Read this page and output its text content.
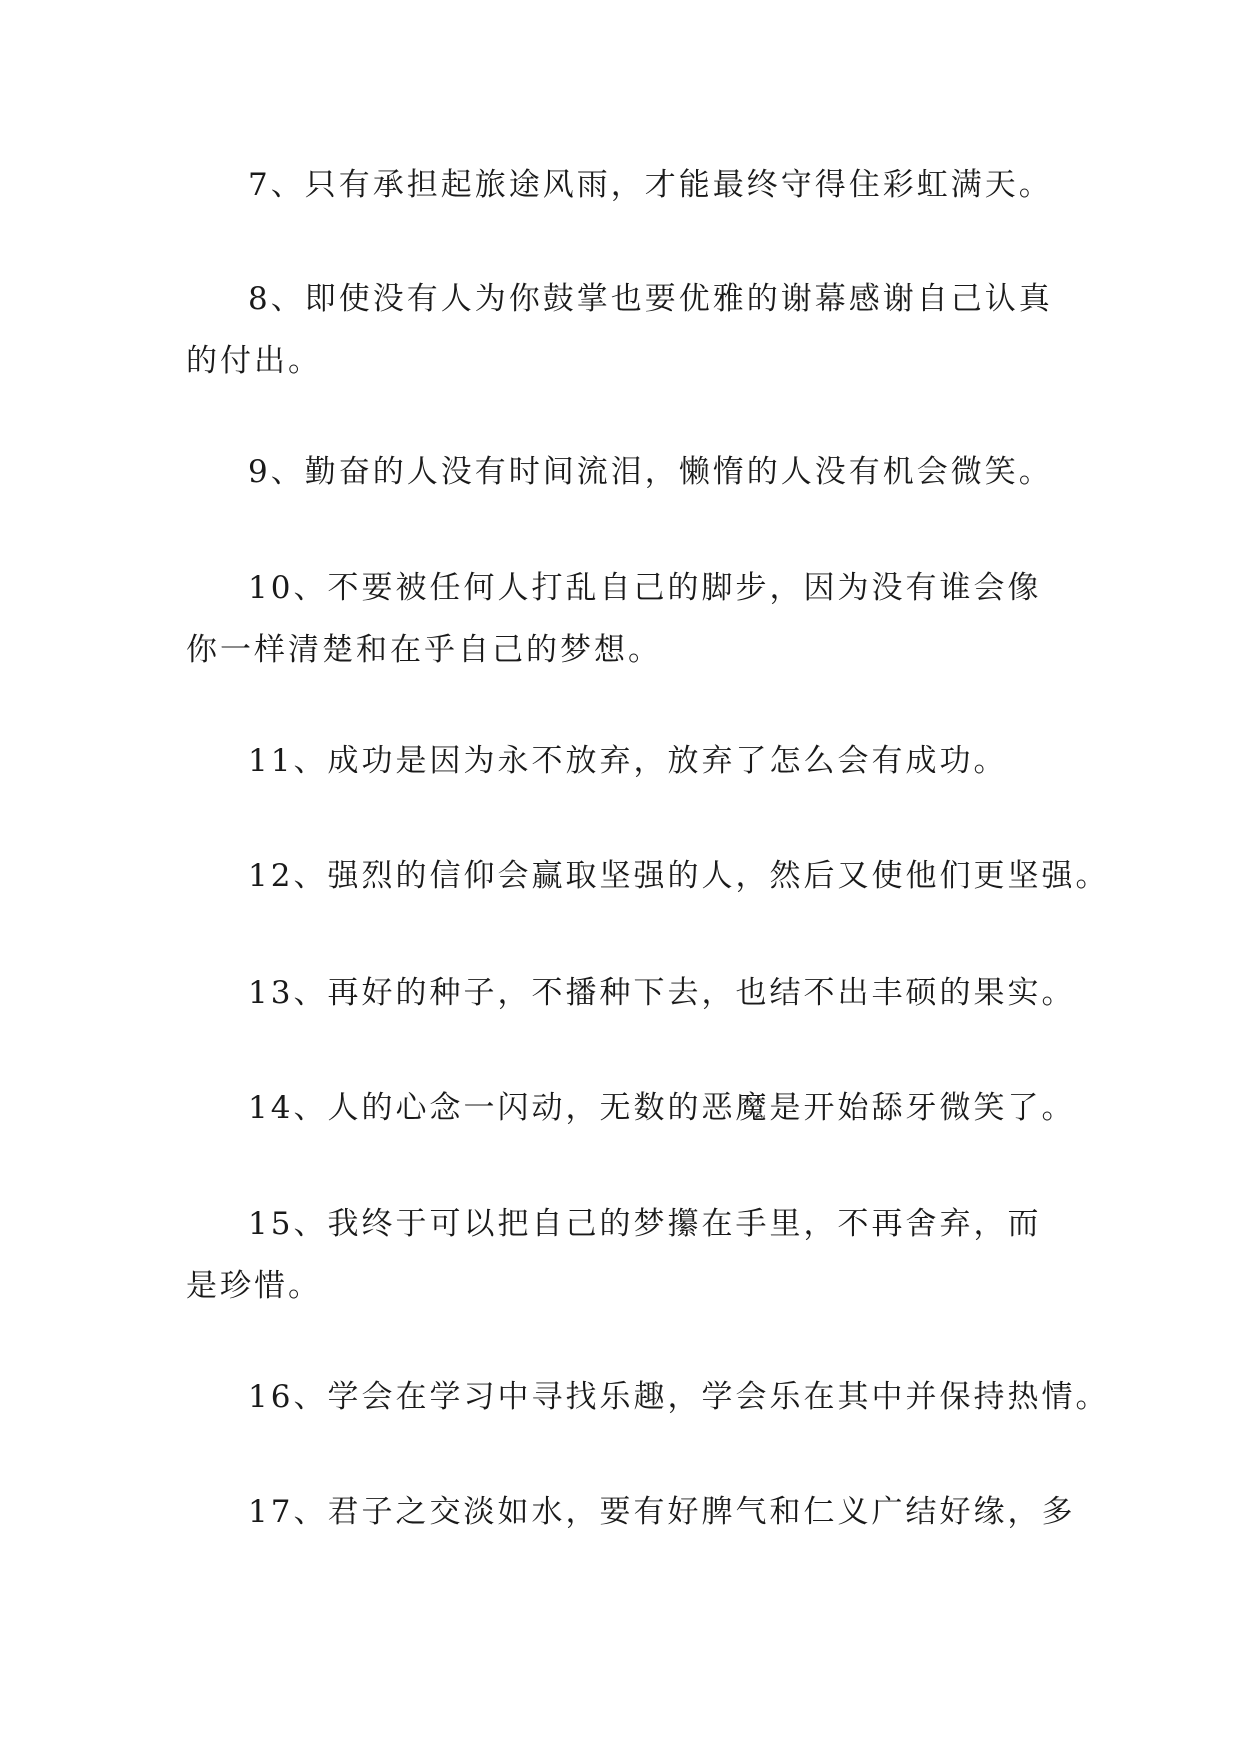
7、只有承担起旅途风雨，才能最终守得住彩虹满天。

8、即使没有人为你鼓掌也要优雅的谢幕感谢自己认真的付出。

9、勤奋的人没有时间流泪，懒惰的人没有机会微笑。

10、不要被任何人打乱自己的脚步，因为没有谁会像你一样清楚和在乎自己的梦想。

11、成功是因为永不放弃，放弃了怎么会有成功。

12、强烈的信仰会赢取坚强的人，然后又使他们更坚强。

13、再好的种子，不播种下去，也结不出丰硕的果实。

14、人的心念一闪动，无数的恶魔是开始舔牙微笑了。

15、我终于可以把自己的梦攥在手里，不再舍弃，而是珍惜。

16、学会在学习中寻找乐趣，学会乐在其中并保持热情。

17、君子之交淡如水，要有好脾气和仁义广结好缘，多
